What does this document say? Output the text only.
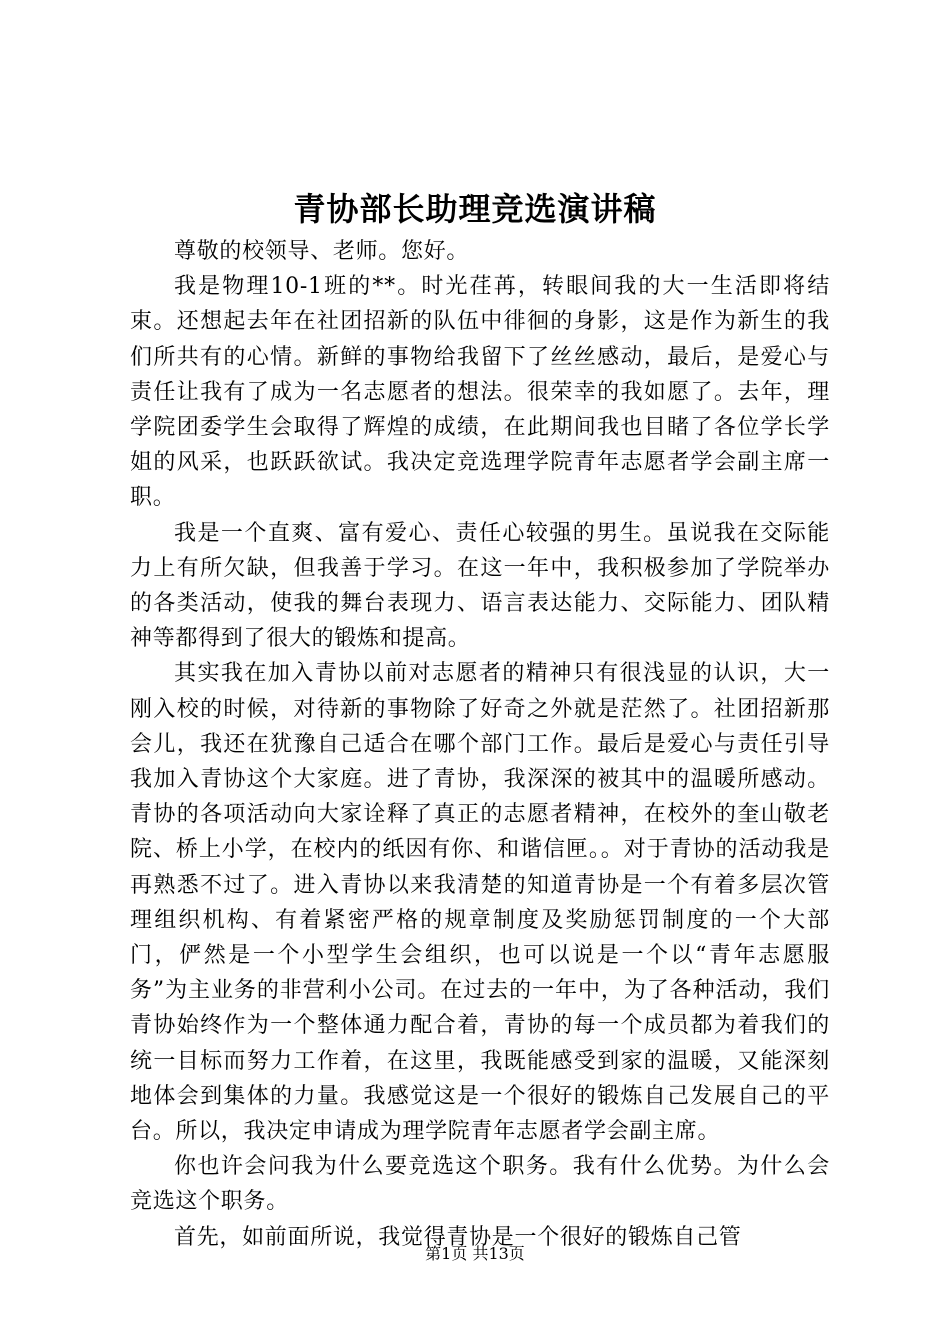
青协部长助理竞选演讲稿

尊敬的校领导、老师。您好。

我是物理10-1班的**。时光荏苒，转眼间我的大一生活即将结束。还想起去年在社团招新的队伍中徘徊的身影，这是作为新生的我们所共有的心情。新鲜的事物给我留下了丝丝感动，最后，是爱心与责任让我有了成为一名志愿者的想法。很荣幸的我如愿了。去年，理学院团委学生会取得了辉煌的成绩，在此期间我也目睹了各位学长学姐的风采，也跃跃欲试。我决定竞选理学院青年志愿者学会副主席一职。

我是一个直爽、富有爱心、责任心较强的男生。虽说我在交际能力上有所欠缺，但我善于学习。在这一年中，我积极参加了学院举办的各类活动，使我的舞台表现力、语言表达能力、交际能力、团队精神等都得到了很大的锻炼和提高。

其实我在加入青协以前对志愿者的精神只有很浅显的认识，大一刚入校的时候，对待新的事物除了好奇之外就是茫然了。社团招新那会儿，我还在犹豫自己适合在哪个部门工作。最后是爱心与责任引导我加入青协这个大家庭。进了青协，我深深的被其中的温暖所感动。青协的各项活动向大家诠释了真正的志愿者精神，在校外的奎山敬老院、桥上小学，在校内的纸因有你、和谐信匣。。对于青协的活动我是再熟悉不过了。进入青协以来我清楚的知道青协是一个有着多层次管理组织机构、有着紧密严格的规章制度及奖励惩罚制度的一个大部门，俨然是一个小型学生会组织，也可以说是一个以“青年志愿服务”为主业务的非营利小公司。在过去的一年中，为了各种活动，我们青协始终作为一个整体通力配合着，青协的每一个成员都为着我们的统一目标而努力工作着，在这里，我既能感受到家的温暖，又能深刻地体会到集体的力量。我感觉这是一个很好的锻炼自己发展自己的平台。所以，我决定申请成为理学院青年志愿者学会副主席。

你也许会问我为什么要竞选这个职务。我有什么优势。为什么会竞选这个职务。

首先，如前面所说，我觉得青协是一个很好的锻炼自己管

第1页 共13页
